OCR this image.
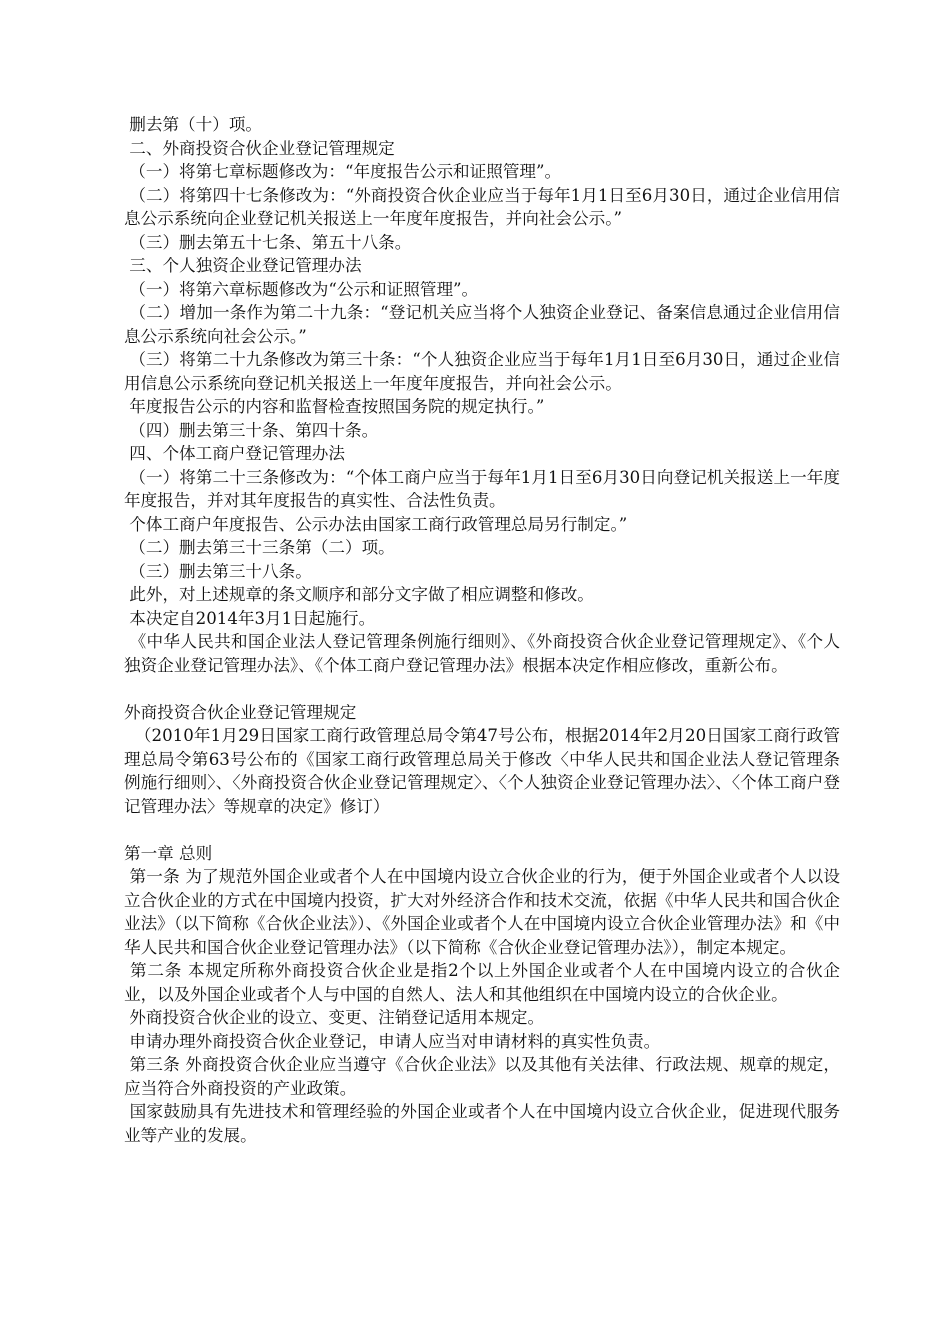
删去第（十）项。

二、外商投资合伙企业登记管理规定

（一）将第七章标题修改为：“年度报告公示和证照管理”。

（二）将第四十七条修改为：“外商投资合伙企业应当于每年1月1日至6月30日，通过企业信用信息公示系统向企业登记机关报送上一年度年度报告，并向社会公示。”

（三）删去第五十七条、第五十八条。

三、个人独资企业登记管理办法

（一）将第六章标题修改为“公示和证照管理”。

（二）增加一条作为第二十九条：“登记机关应当将个人独资企业登记、备案信息通过企业信用信息公示系统向社会公示。”

（三）将第二十九条修改为第三十条：“个人独资企业应当于每年1月1日至6月30日，通过企业信用信息公示系统向登记机关报送上一年度年度报告，并向社会公示。

年度报告公示的内容和监督检查按照国务院的规定执行。”

（四）删去第三十条、第四十条。

四、个体工商户登记管理办法

（一）将第二十三条修改为：“个体工商户应当于每年1月1日至6月30日向登记机关报送上一年度年度报告，并对其年度报告的真实性、合法性负责。

个体工商户年度报告、公示办法由国家工商行政管理总局另行制定。”

（二）删去第三十三条第（二）项。

（三）删去第三十八条。

此外，对上述规章的条文顺序和部分文字做了相应调整和修改。

本决定自2014年3月1日起施行。

《中华人民共和国企业法人登记管理条例施行细则》、《外商投资合伙企业登记管理规定》、《个人独资企业登记管理办法》、《个体工商户登记管理办法》根据本决定作相应修改，重新公布。

外商投资合伙企业登记管理规定

（2010年1月29日国家工商行政管理总局令第47号公布，根据2014年2月20日国家工商行政管理总局令第63号公布的《国家工商行政管理总局关于修改〈中华人民共和国企业法人登记管理条例施行细则〉、〈外商投资合伙企业登记管理规定〉、〈个人独资企业登记管理办法〉、〈个体工商户登记管理办法〉等规章的决定》修订）

第一章 总则

第一条 为了规范外国企业或者个人在中国境内设立合伙企业的行为，便于外国企业或者个人以设立合伙企业的方式在中国境内投资，扩大对外经济合作和技术交流，依据《中华人民共和国合伙企业法》（以下简称《合伙企业法》）、《外国企业或者个人在中国境内设立合伙企业管理办法》和《中华人民共和国合伙企业登记管理办法》（以下简称《合伙企业登记管理办法》），制定本规定。

第二条 本规定所称外商投资合伙企业是指2个以上外国企业或者个人在中国境内设立的合伙企业，以及外国企业或者个人与中国的自然人、法人和其他组织在中国境内设立的合伙企业。

外商投资合伙企业的设立、变更、注销登记适用本规定。

申请办理外商投资合伙企业登记，申请人应当对申请材料的真实性负责。

第三条 外商投资合伙企业应当遵守《合伙企业法》以及其他有关法律、行政法规、规章的规定，应当符合外商投资的产业政策。

国家鼓励具有先进技术和管理经验的外国企业或者个人在中国境内设立合伙企业，促进现代服务业等产业的发展。
